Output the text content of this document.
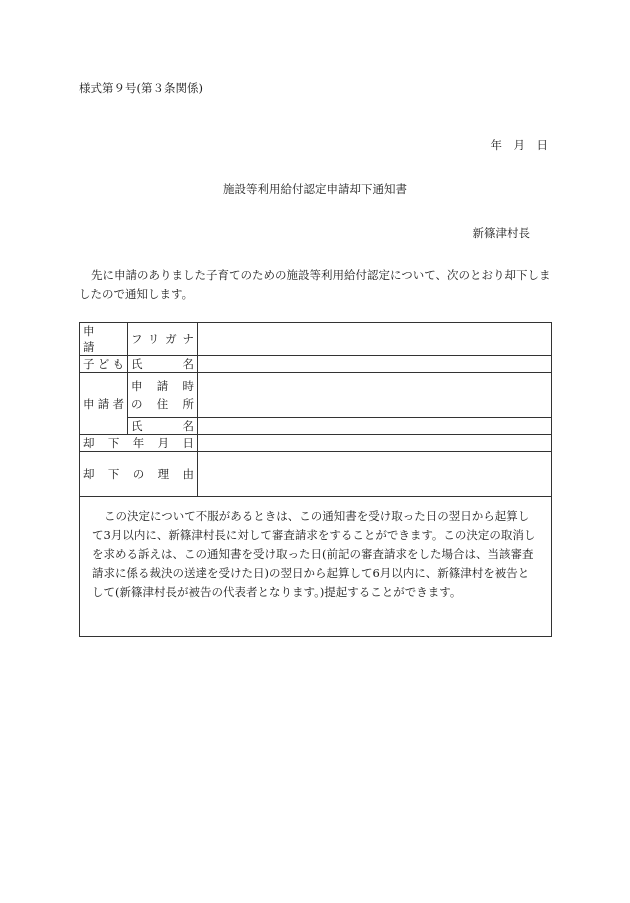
様式第９号(第３条関係)
年　月　日
施設等利用給付認定申請却下通知書
新篠津村長
先に申請のありました子育てのための施設等利用給付認定について、次のとおり却下しましたので通知します。
申　　請	フリガナ	

子ども	氏　　　名	

申請者	申 請 時
の 住 所	

	氏　　　名	

却 下 年 月 日		

却 下 の 理 由		

この決定について不服があるときは、この通知書を受け取った日の翌日から起算して3月以内に、新篠津村長に対して審査請求をすることができます。この決定の取消しを求める訴えは、この通知書を受け取った日(前記の審査請求をした場合は、当該審査請求に係る裁決の送達を受けた日)の翌日から起算して6月以内に、新篠津村を被告として(新篠津村長が被告の代表者となります。)提起することができます。		
